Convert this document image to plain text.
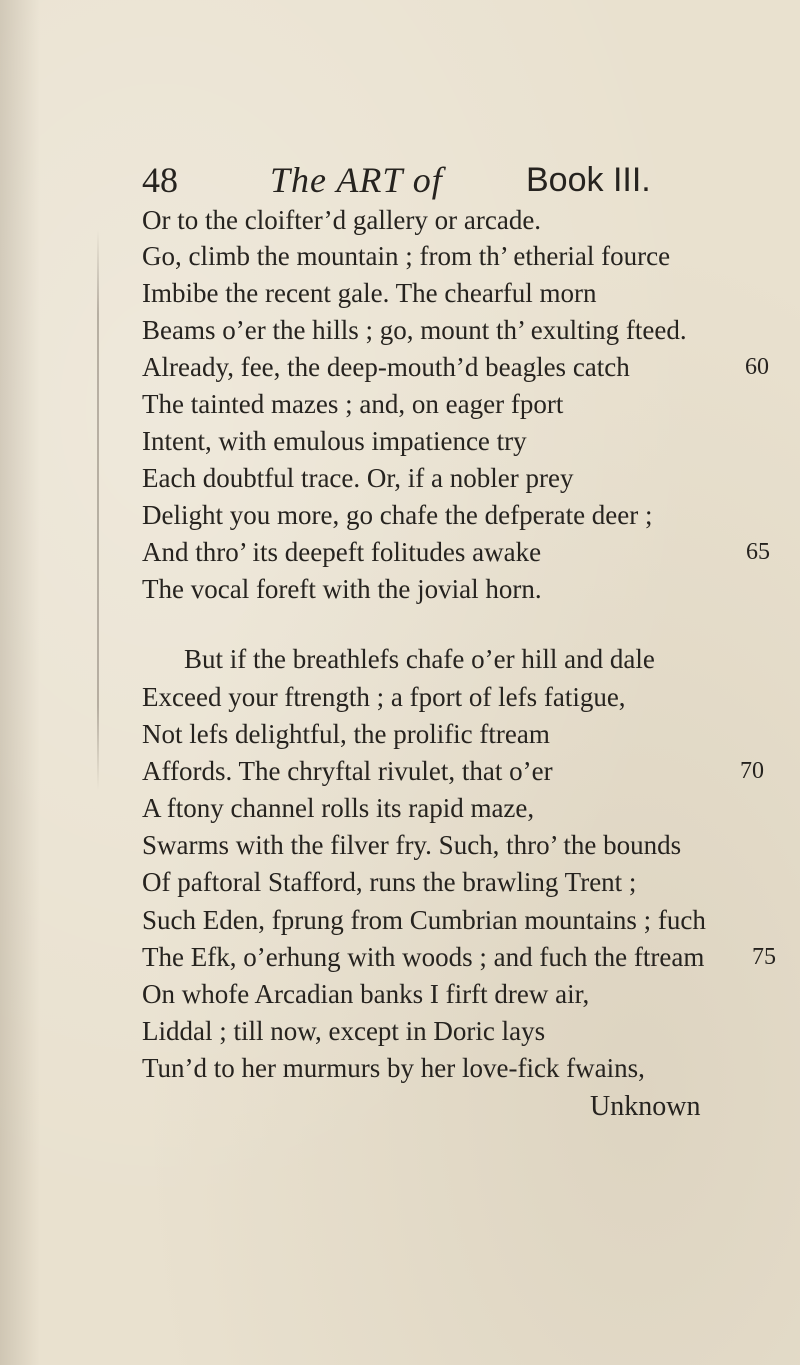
48	The ART of Book III.
Or to the cloifter’d gallery or arcade.
Go, climb the mountain ; from th’ etherial fource
Imbibe the recent gale. The chearful morn
Beams o’er the hills ; go, mount th’ exulting fteed.
Already, fee, the deep-mouth’d beagles catch	60
The tainted mazes ; and, on eager fport
Intent, with emulous impatience try
Each doubtful trace. Or, if a nobler prey
Delight you more, go chafe the defperate deer ;
And thro’ its deepeft folitudes awake	65
The vocal foreft with the jovial horn.
But if the breathlefs chafe o’er hill and dale
Exceed your ftrength ; a fport of lefs fatigue,
Not lefs delightful, the prolific ftream
Affords. The chryftal rivulet, that o’er	70
A ftony channel rolls its rapid maze,
Swarms with the filver fry. Such, thro’ the bounds
Of paftoral Stafford, runs the brawling Trent ;
Such Eden, fprung from Cumbrian mountains ; fuch
The Efk, o’erhung with woods ; and fuch the ftream 75
On whofe Arcadian banks I firft drew air,
Liddal ; till now, except in Doric lays
Tun’d to her murmurs by her love-fick fwains,
Unknown
